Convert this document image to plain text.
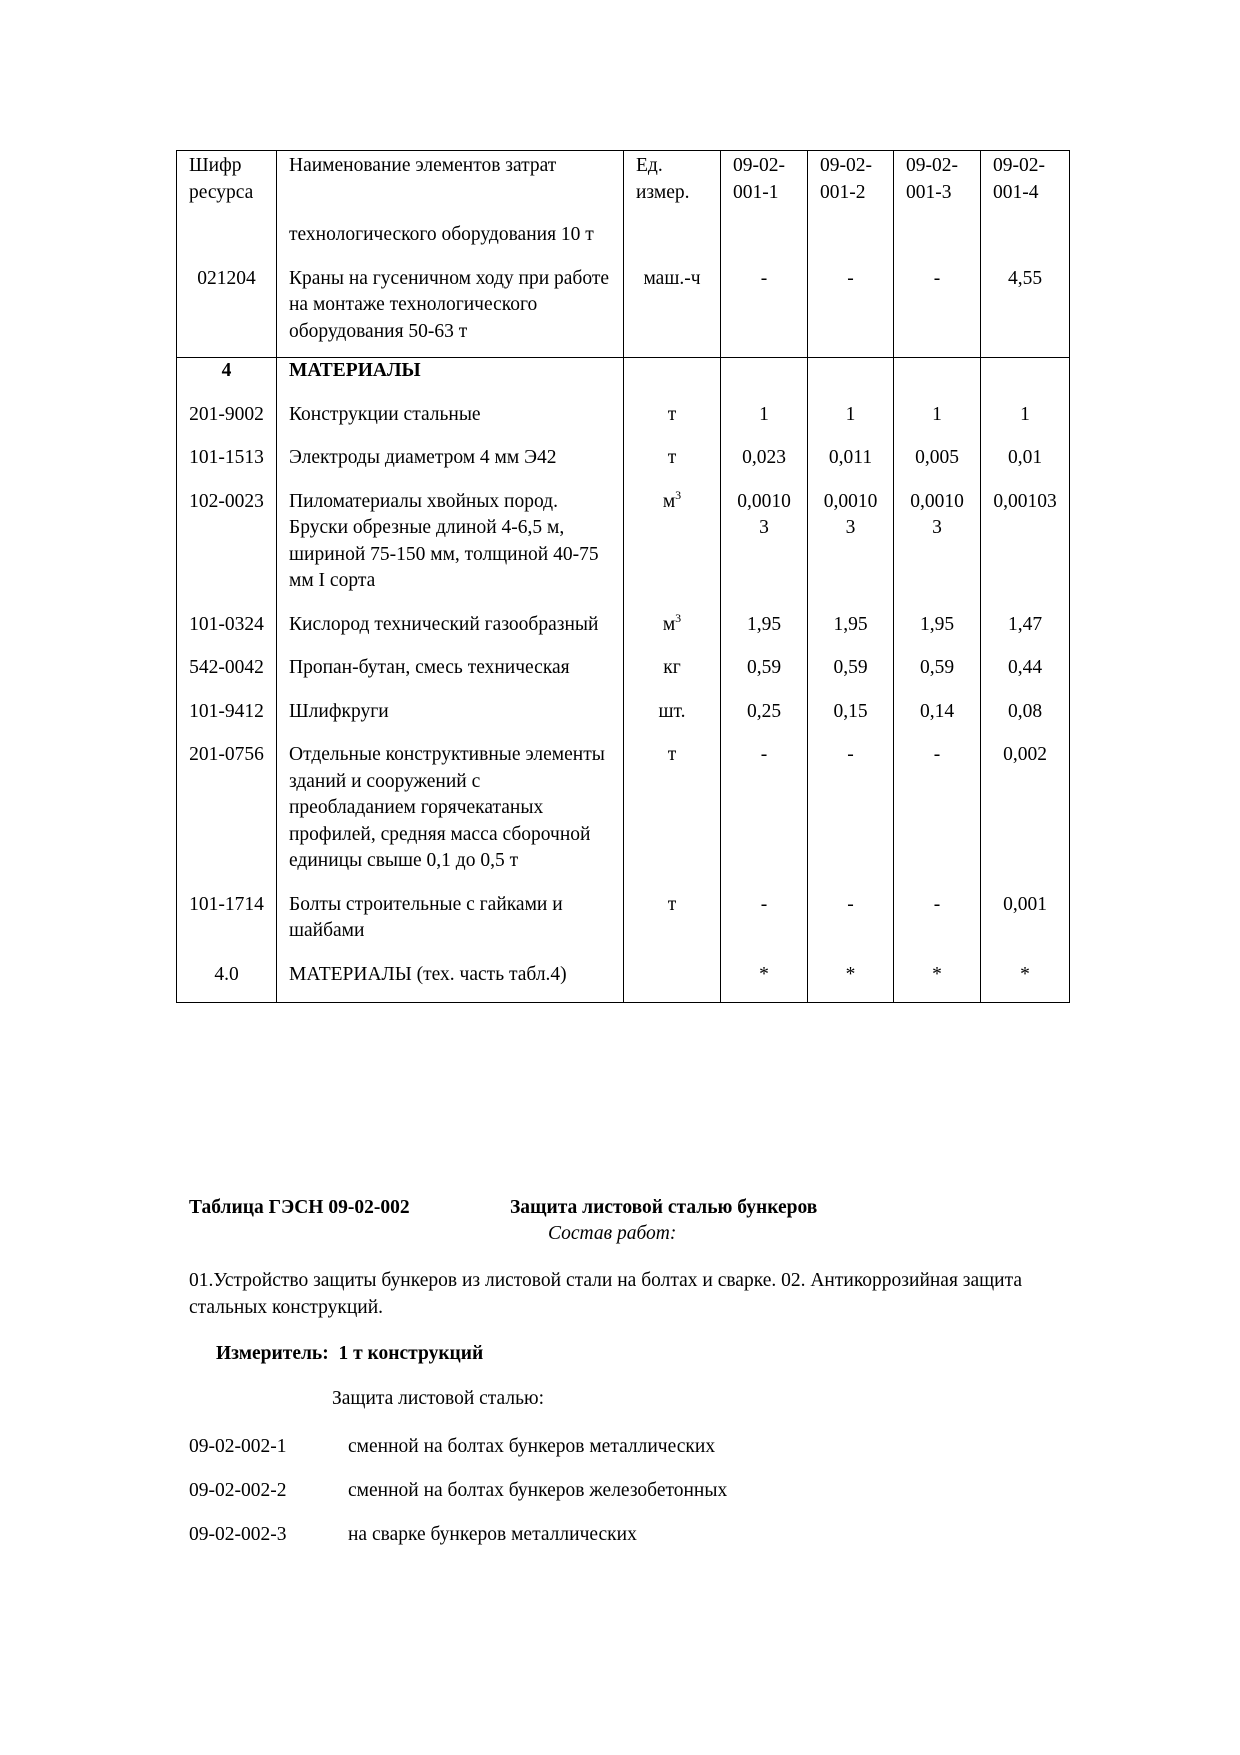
Шифр ресурса	Наименование элементов затрат	Ед. измер.	09-02-001-1	09-02-001-2	09-02-001-3	09-02-001-4
	технологического оборудования 10 т					
021204	Краны на гусеничном ходу при работе на монтаже технологического оборудования 50-63 т	маш.-ч	-	-	-	4,55
4	МАТЕРИАЛЫ					
201-9002	Конструкции стальные	т	1	1	1	1
101-1513	Электроды диаметром 4 мм Э42	т	0,023	0,011	0,005	0,01
102-0023	Пиломатериалы хвойных пород. Бруски обрезные длиной 4-6,5 м, шириной 75-150 мм, толщиной 40-75 мм I сорта	$м^3$	0,00103	0,00103	0,00103	0,00103
101-0324	Кислород технический газообразный	$м^3$	1,95	1,95	1,95	1,47
542-0042	Пропан-бутан, смесь техническая	кг	0,59	0,59	0,59	0,44
101-9412	Шлифкруги	шт.	0,25	0,15	0,14	0,08
201-0756	Отдельные конструктивные элементы зданий и сооружений с преобладанием горячекатаных профилей, средняя масса сборочной единицы свыше 0,1 до 0,5 т	т	-	-	-	0,002
101-1714	Болты строительные с гайками и шайбами	т	-	-	-	0,001
4.0	МАТЕРИАЛЫ (тех. часть табл.4)		*	*	*	*
Таблица ГЭСН 09-02-002	Защита листовой сталью бункеров
Состав работ:
01.Устройство защиты бункеров из листовой стали на болтах и сварке. 02. Антикоррозийная защита стальных конструкций.
Измеритель:  1 т конструкций
Защита листовой сталью:
09-02-002-1	сменной на болтах бункеров металлических
09-02-002-2	сменной на болтах бункеров железобетонных
09-02-002-3	на сварке бункеров металлических
